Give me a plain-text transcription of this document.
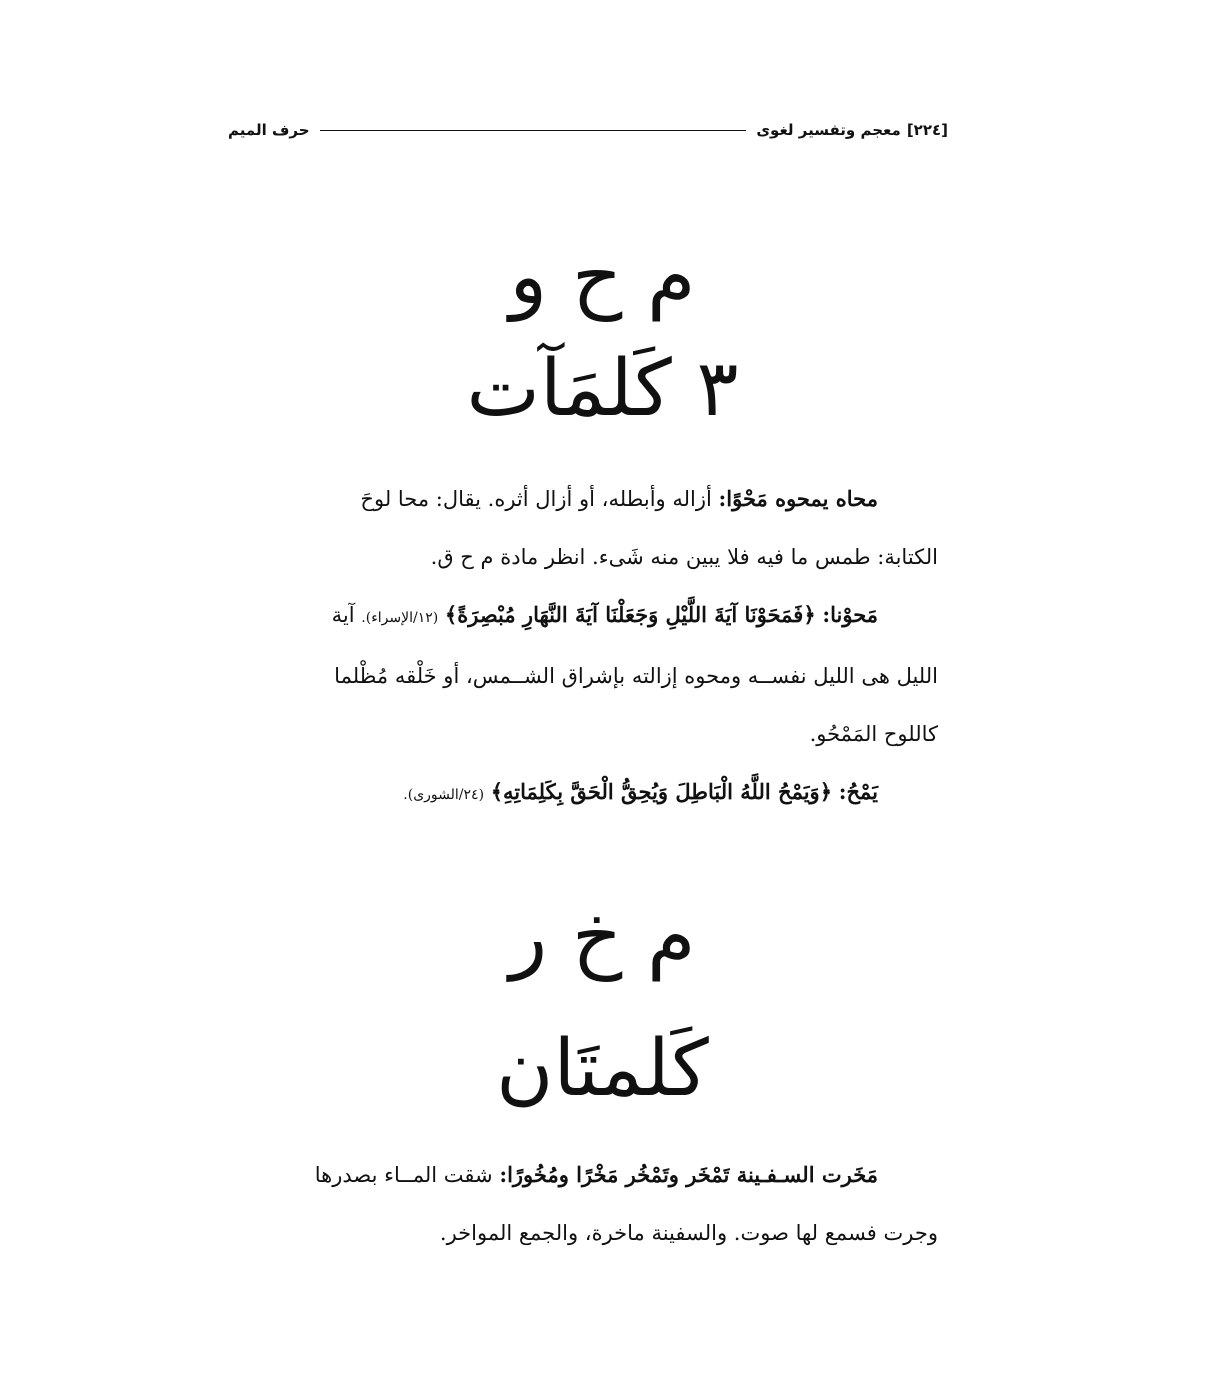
[٢٢٤]
معجم وتفسير لغوى
حرف الميم
م ح و
٣ كَلمَآت

محاه يمحوه مَحْوًا: أزاله وأبطله، أو أزال أثره. يقال: محا لوحَ

الكتابة: طمس ما فيه فلا يبين منه شَىء. انظر مادة م ح ق.

مَحوْنا: ﴿فَمَحَوْنَا آيَةَ اللَّيْلِ وَجَعَلْنَا آيَةَ النَّهَارِ مُبْصِرَةً﴾ (١٢/الإسراء). آية

الليل هى الليل نفســه ومحوه إزالته بإشراق الشــمس، أو خَلْقه مُظْلما

كاللوح المَمْحُو.

يَمْحُ: ﴿وَيَمْحُ اللَّهُ الْبَاطِلَ وَيُحِقُّ الْحَقَّ بِكَلِمَاتِهِ﴾ (٢٤/الشورى).

م خ ر
كَلمتَان

مَخَرت السـفـينة تَمْخَر وتَمْخُر مَخْرًا ومُخُورًا: شقت المــاء بصدرها

وجرت فسمع لها صوت. والسفينة ماخرة، والجمع المواخر.
